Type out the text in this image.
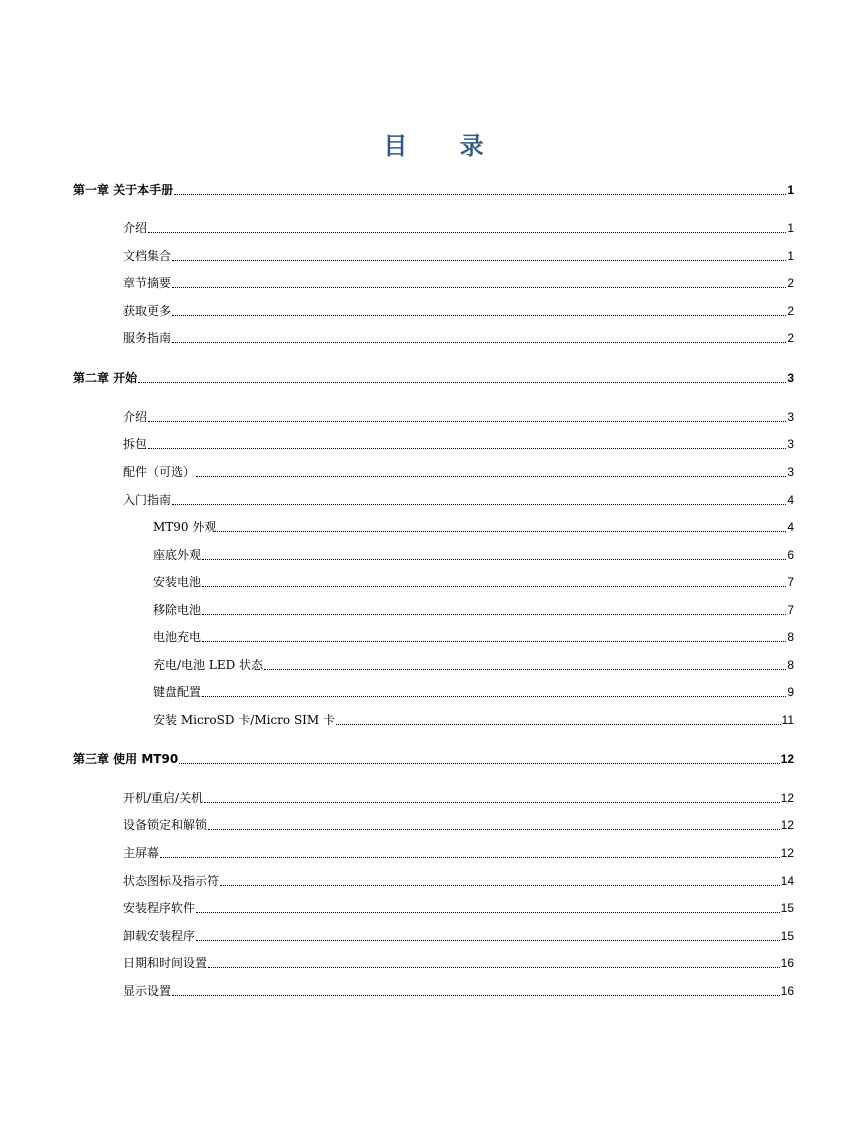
目 录
第一章 关于本手册	1
介绍	1
文档集合	1
章节摘要	2
获取更多	2
服务指南	2
第二章 开始	3
介绍	3
拆包	3
配件（可选）	3
入门指南	4
MT90 外观	4
座底外观	6
安装电池	7
移除电池	7
电池充电	8
充电/电池 LED 状态	8
键盘配置	9
安装 MicroSD 卡/Micro SIM 卡	11
第三章 使用 MT90	12
开机/重启/关机	12
设备锁定和解锁	12
主屏幕	12
状态图标及指示符	14
安装程序软件	15
卸载安装程序	15
日期和时间设置	16
显示设置	16
